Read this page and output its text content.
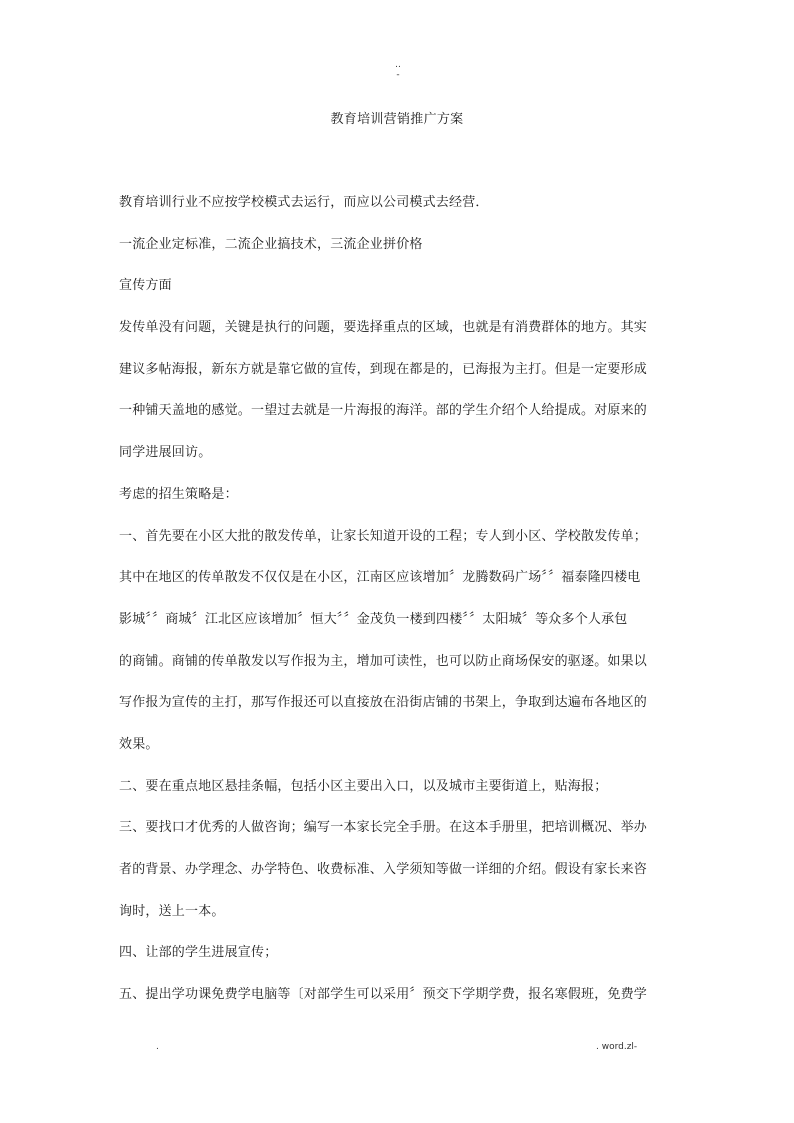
..
-
教育培训营销推广方案
教育培训行业不应按学校模式去运行，而应以公司模式去经营．
一流企业定标准，二流企业搞技术，三流企业拼价格
宣传方面
发传单没有问题，关键是执行的问题，要选择重点的区域，也就是有消费群体的地方。其实
建议多帖海报，新东方就是靠它做的宣传，到现在都是的，已海报为主打。但是一定要形成
一种铺天盖地的感觉。一望过去就是一片海报的海洋。部的学生介绍个人给提成。对原来的
同学进展回访。
考虑的招生策略是：
一、首先要在小区大批的散发传单，让家长知道开设的工程；专人到小区、学校散发传单；
其中在地区的传单散发不仅仅是在小区，江南区应该增加〞龙腾数码广场〞〞福泰隆四楼电
影城〞〞商城〞江北区应该增加〞恒大〞〞金茂负一楼到四楼〞〞太阳城〞等众多个人承包
的商铺。商铺的传单散发以写作报为主，增加可读性，也可以防止商场保安的驱逐。如果以
写作报为宣传的主打，那写作报还可以直接放在沿街店铺的书架上，争取到达遍布各地区的
效果。
二、要在重点地区悬挂条幅，包括小区主要出入口，以及城市主要街道上，贴海报；
三、要找口才优秀的人做咨询；编写一本家长完全手册。在这本手册里，把培训概况、举办
者的背景、办学理念、办学特色、收费标准、入学须知等做一详细的介绍。假设有家长来咨
询时，送上一本。
四、让部的学生进展宣传；
五、提出学功课免费学电脑等〔对部学生可以采用〞预交下学期学费，报名寒假班，免费学
.	. word.zl-
